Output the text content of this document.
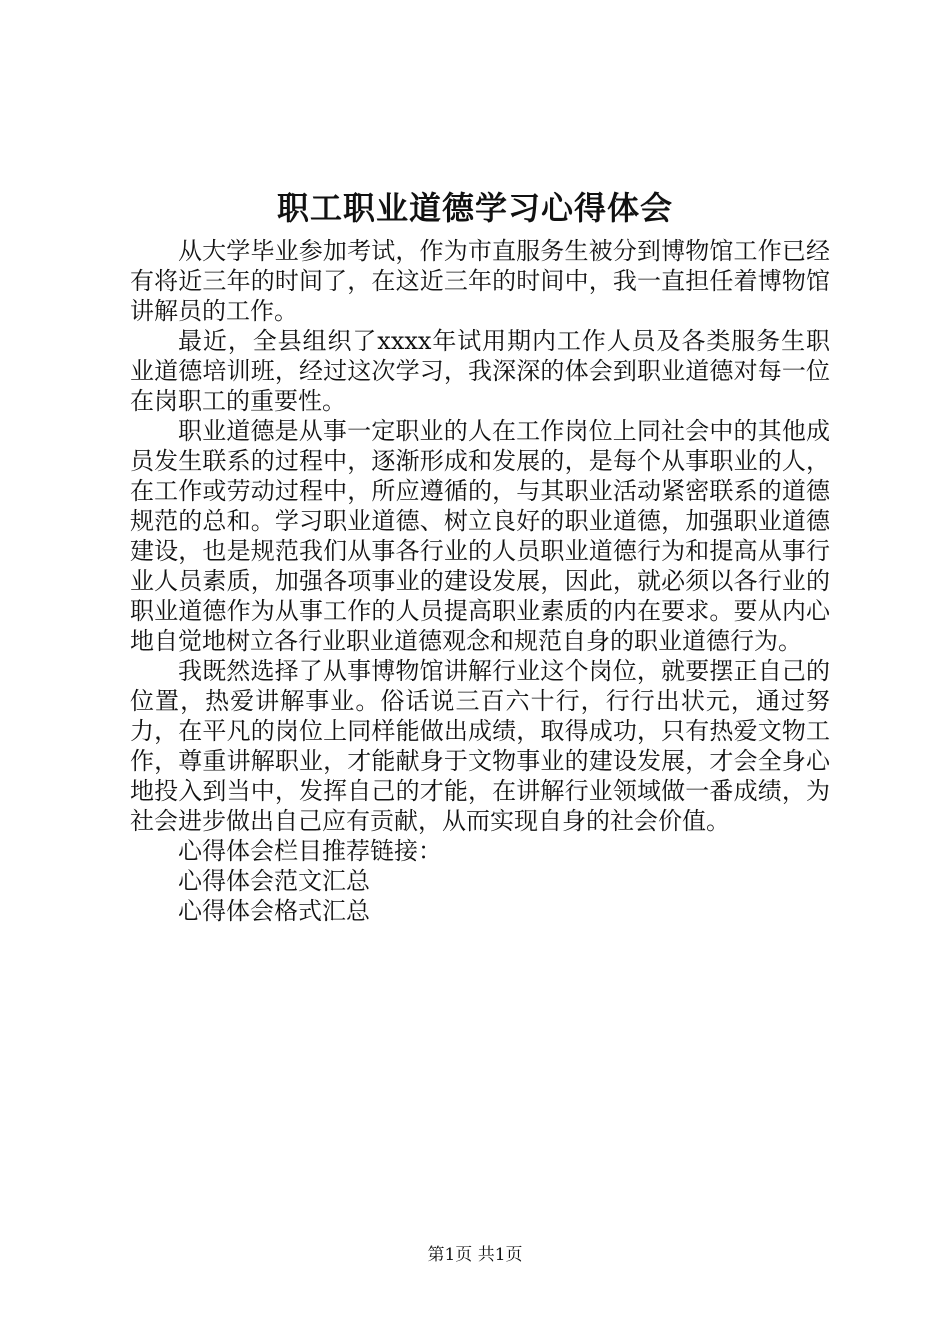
职工职业道德学习心得体会

从大学毕业参加考试，作为市直服务生被分到博物馆工作已经有将近三年的时间了，在这近三年的时间中，我一直担任着博物馆讲解员的工作。

最近，全县组织了xxxx年试用期内工作人员及各类服务生职业道德培训班，经过这次学习，我深深的体会到职业道德对每一位在岗职工的重要性。

职业道德是从事一定职业的人在工作岗位上同社会中的其他成员发生联系的过程中，逐渐形成和发展的，是每个从事职业的人，在工作或劳动过程中，所应遵循的，与其职业活动紧密联系的道德规范的总和。学习职业道德、树立良好的职业道德，加强职业道德建设，也是规范我们从事各行业的人员职业道德行为和提高从事行业人员素质，加强各项事业的建设发展，因此，就必须以各行业的职业道德作为从事工作的人员提高职业素质的内在要求。要从内心地自觉地树立各行业职业道德观念和规范自身的职业道德行为。

我既然选择了从事博物馆讲解行业这个岗位，就要摆正自己的位置，热爱讲解事业。俗话说三百六十行，行行出状元，通过努力，在平凡的岗位上同样能做出成绩，取得成功，只有热爱文物工作，尊重讲解职业，才能献身于文物事业的建设发展，才会全身心地投入到当中，发挥自己的才能，在讲解行业领域做一番成绩，为社会进步做出自己应有贡献，从而实现自身的社会价值。

心得体会栏目推荐链接：
心得体会范文汇总
心得体会格式汇总
第1页 共1页
